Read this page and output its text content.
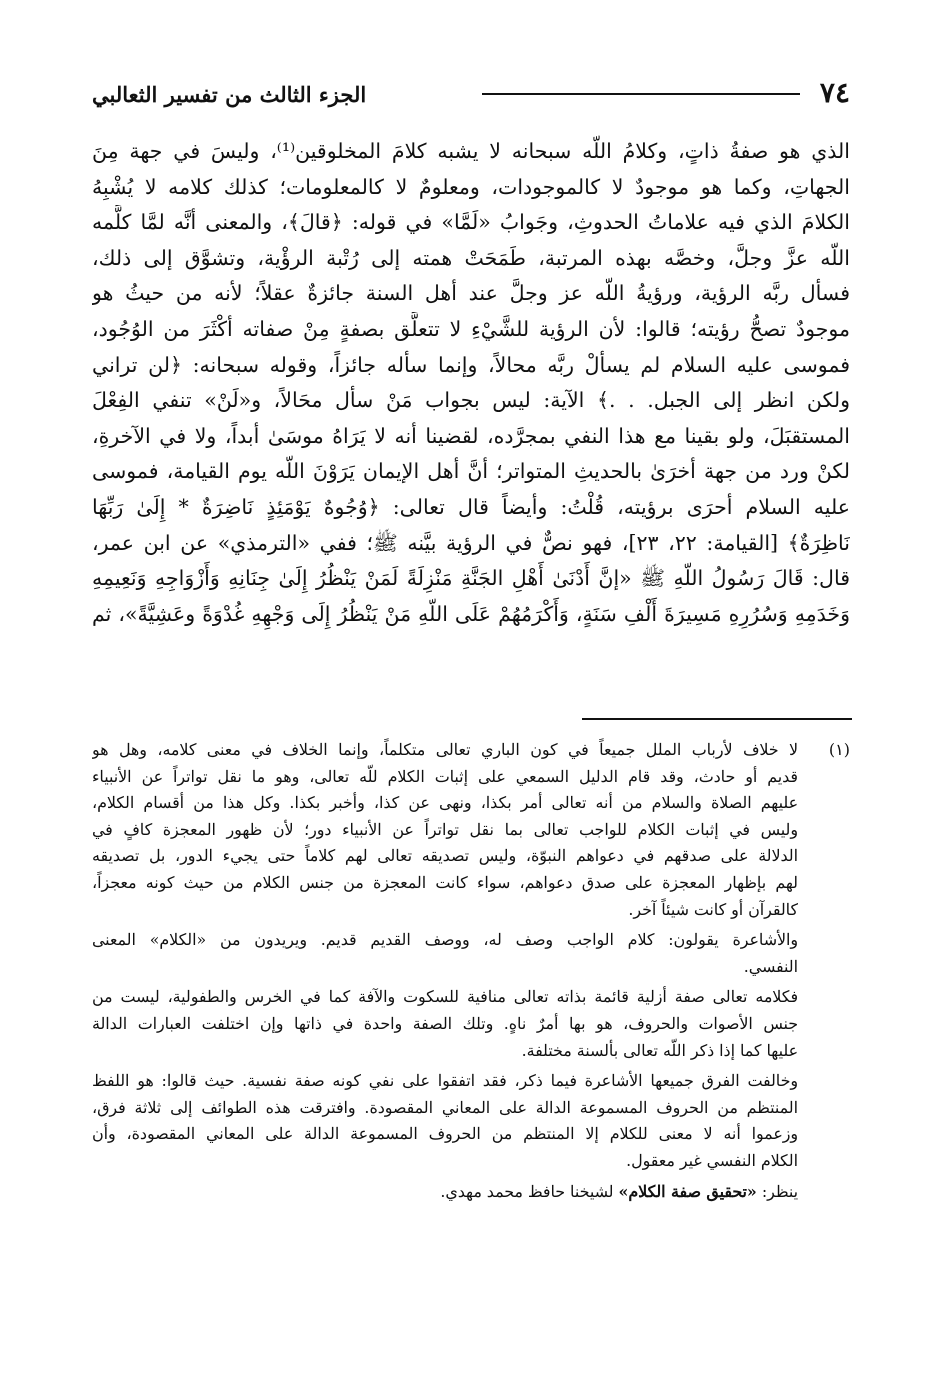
٧٤
الجزء الثالث من تفسير الثعالبي
الذي هو صفةُ ذاتٍ، وكلامُ اللّه سبحانه لا يشبه كلامَ المخلوقين⁽¹⁾، وليسَ في جهة مِنَ
الجهاتِ، وكما هو موجودٌ لا كالموجودات، ومعلومٌ لا كالمعلومات؛ كذلك كلامه لا يُشْبِهُ
الكلامَ الذي فيه علاماتُ الحدوثِ، وجَوابُ «لَمَّا» في قوله: ﴿قالَ﴾، والمعنى أنَّه لمَّا كلَّمه
اللّه عزَّ وجلَّ، وخصَّه بهذه المرتبة، طَمَحَتْ همته إلى رُتْبة الرؤْية، وتشوَّق إلى ذلك،
فسأل ربَّه الرؤية، ورؤيةُ اللّه عز وجلَّ عند أهل السنة جائزةٌ عقلاً؛ لأنه من حيثُ هو
موجودٌ تصحُّ رؤيته؛ قالوا: لأن الرؤية للشَّيْءِ لا تتعلَّق بصفةٍ مِنْ صفاته أكْثَرَ من الوُجُود،
فموسى عليه السلام لم يسألْ ربَّه محالاً، وإنما سأله جائزاً، وقوله سبحانه: ﴿لن تراني
ولكن انظر إلى الجبل. . .﴾ الآية: ليس بجواب مَنْ سأل محَالاً، و«لَنْ» تنفي الفِعْلَ
المستقبَلَ، ولو بقينا مع هذا النفي بمجرَّده، لقضينا أنه لا يَرَاهُ موسَىٰ أبداً، ولا في الآخرةِ،
لكنْ ورد من جهة أخرَىٰ بالحديثِ المتواتر؛ أنَّ أهل الإيمان يَرَوْنَ اللّه يوم القيامة، فموسى
عليه السلام أحرَى برؤيته، قُلْتُ: وأيضاً قال تعالى: ﴿وُجُوهٌ يَوْمَئِذٍ نَاضِرَةٌ * إِلَىٰ رَبِّهَا
نَاظِرَةٌ﴾ [القيامة: ٢٢، ٢٣]، فهو نصٌّ في الرؤية بيَّنه ﷺ؛ ففي «الترمذي» عن ابن عمر،
قال: قَالَ رَسُولُ اللّهِ ﷺ «إنَّ أَدْنَىٰ أَهْلِ الجَنَّةِ مَنْزِلَةً لَمَنْ يَنْظُرُ إِلَىٰ جِنَانِهِ وَأَزْوَاجِهِ وَنَعِيمِهِ
وَخَدَمِهِ وَسُرُرِهِ مَسِيرَةَ أَلْفِ سَنَةٍ، وَأَكْرَمُهُمْ عَلَى اللّهِ مَنْ يَنْظُرُ إِلَى وَجْهِهِ غُدْوَةً وعَشِيَّةً»، ثم
(١)
لا خلاف لأرباب الملل جميعاً في كون الباري تعالى متكلماً، وإنما الخلاف في معنى كلامه، وهل هو
قديم أو حادث، وقد قام الدليل السمعي على إثبات الكلام للّه تعالى، وهو ما نقل تواتراً عن الأنبياء
عليهم الصلاة والسلام من أنه تعالى أمر بكذا، ونهى عن كذا، وأخبر بكذا. وكل هذا من أقسام الكلام،
وليس في إثبات الكلام للواجب تعالى بما نقل تواتراً عن الأنبياء دور؛ لأن ظهور المعجزة كافٍ في
الدلالة على صدقهم في دعواهم النبوّة، وليس تصديقه تعالى لهم كلاماً حتى يجيء الدور، بل تصديقه
لهم بإظهار المعجزة على صدق دعواهم، سواء كانت المعجزة من جنس الكلام من حيث كونه معجزاً،
كالقرآن أو كانت شيئاً آخر.
والأشاعرة يقولون: كلام الواجب وصف له، ووصف القديم قديم. ويريدون من «الكلام» المعنى
النفسي.
فكلامه تعالى صفة أزلية قائمة بذاته تعالى منافية للسكوت والآفة كما في الخرس والطفولية، ليست من
جنس الأصوات والحروف، هو بها أمرٌ ناهٍ. وتلك الصفة واحدة في ذاتها وإن اختلفت العبارات الدالة
عليها كما إذا ذكر اللّه تعالى بألسنة مختلفة.
وخالفت الفرق جميعها الأشاعرة فيما ذكر، فقد اتفقوا على نفي كونه صفة نفسية. حيث قالوا: هو اللفظ
المنتظم من الحروف المسموعة الدالة على المعاني المقصودة. وافترقت هذه الطوائف إلى ثلاثة فرق،
وزعموا أنه لا معنى للكلام إلا المنتظم من الحروف المسموعة الدالة على المعاني المقصودة، وأن
الكلام النفسي غير معقول.
ينظر: «تحقيق صفة الكلام» لشيخنا حافظ محمد مهدي.
